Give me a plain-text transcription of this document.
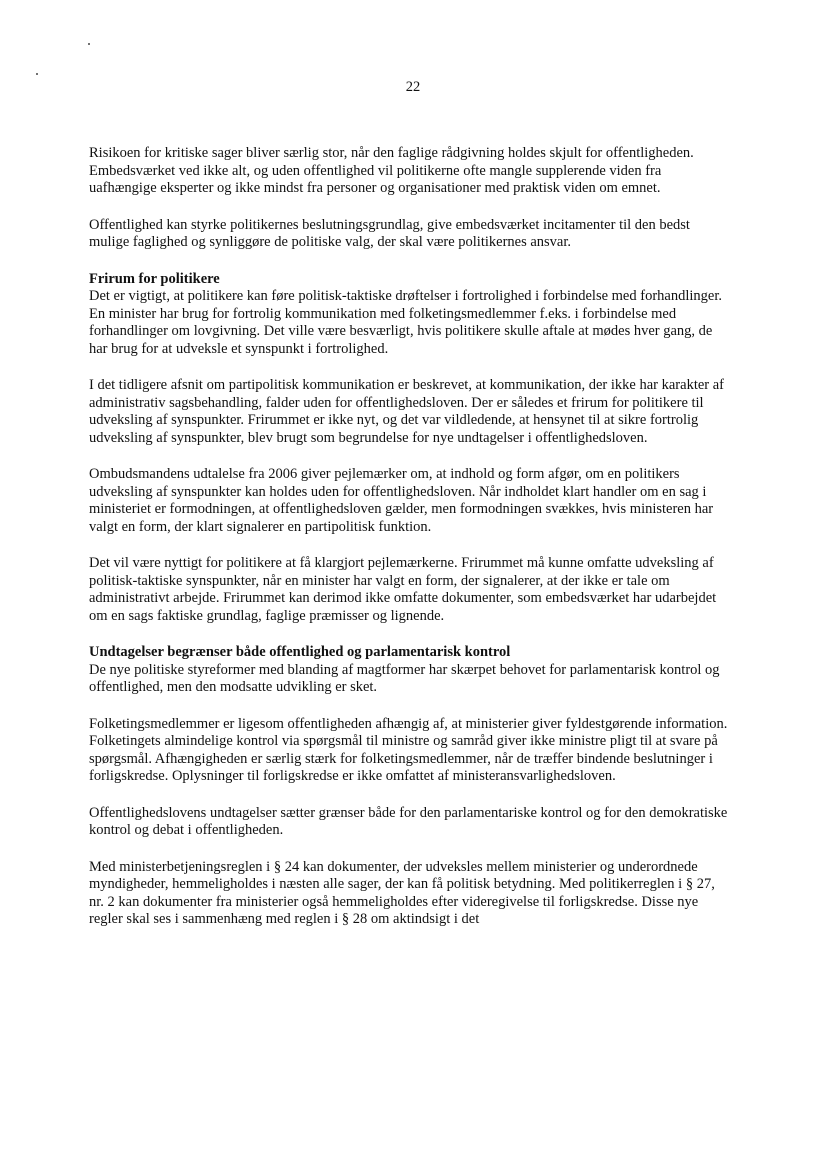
22

Risikoen for kritiske sager bliver særlig stor, når den faglige rådgivning holdes skjult for offentligheden. Embedsværket ved ikke alt, og uden offentlighed vil politikerne ofte mangle supplerende viden fra uafhængige eksperter og ikke mindst fra personer og organisationer med praktisk viden om emnet.

Offentlighed kan styrke politikernes beslutningsgrundlag, give embedsværket incitamenter til den bedst mulige faglighed og synliggøre de politiske valg, der skal være politikernes ansvar.

Frirum for politikere

Det er vigtigt, at politikere kan føre politisk-taktiske drøftelser i fortrolighed i forbindelse med forhandlinger. En minister har brug for fortrolig kommunikation med folketingsmedlemmer f.eks. i forbindelse med forhandlinger om lovgivning. Det ville være besværligt, hvis politikere skulle aftale at mødes hver gang, de har brug for at udveksle et synspunkt i fortrolighed.

I det tidligere afsnit om partipolitisk kommunikation er beskrevet, at kommunikation, der ikke har karakter af administrativ sagsbehandling, falder uden for offentlighedsloven. Der er således et frirum for politikere til udveksling af synspunkter. Frirummet er ikke nyt, og det var vildledende, at hensynet til at sikre fortrolig udveksling af synspunkter, blev brugt som begrundelse for nye undtagelser i offentlighedsloven.

Ombudsmandens udtalelse fra 2006 giver pejlemærker om, at indhold og form afgør, om en politikers udveksling af synspunkter kan holdes uden for offentlighedsloven. Når indholdet klart handler om en sag i ministeriet er formodningen, at offentlighedsloven gælder, men formodningen svækkes, hvis ministeren har valgt en form, der klart signalerer en partipolitisk funktion.

Det vil være nyttigt for politikere at få klargjort pejlemærkerne. Frirummet må kunne omfatte udveksling af politisk-taktiske synspunkter, når en minister har valgt en form, der signalerer, at der ikke er tale om administrativt arbejde. Frirummet kan derimod ikke omfatte dokumenter, som embedsværket har udarbejdet om en sags faktiske grundlag, faglige præmisser og lignende.

Undtagelser begrænser både offentlighed og parlamentarisk kontrol

De nye politiske styreformer med blanding af magtformer har skærpet behovet for parlamentarisk kontrol og offentlighed, men den modsatte udvikling er sket.

Folketingsmedlemmer er ligesom offentligheden afhængig af, at ministerier giver fyldestgørende information. Folketingets almindelige kontrol via spørgsmål til ministre og samråd giver ikke ministre pligt til at svare på spørgsmål. Afhængigheden er særlig stærk for folketingsmedlemmer, når de træffer bindende beslutninger i forligskredse. Oplysninger til forligskredse er ikke omfattet af ministeransvarlighedsloven.

Offentlighedslovens undtagelser sætter grænser både for den parlamentariske kontrol og for den demokratiske kontrol og debat i offentligheden.

Med ministerbetjeningsreglen i § 24 kan dokumenter, der udveksles mellem ministerier og underordnede myndigheder, hemmeligholdes i næsten alle sager, der kan få politisk betydning. Med politikerreglen i § 27, nr. 2 kan dokumenter fra ministerier også hemmeligholdes efter videregivelse til forligskredse. Disse nye regler skal ses i sammenhæng med reglen i § 28 om aktindsigt i det
